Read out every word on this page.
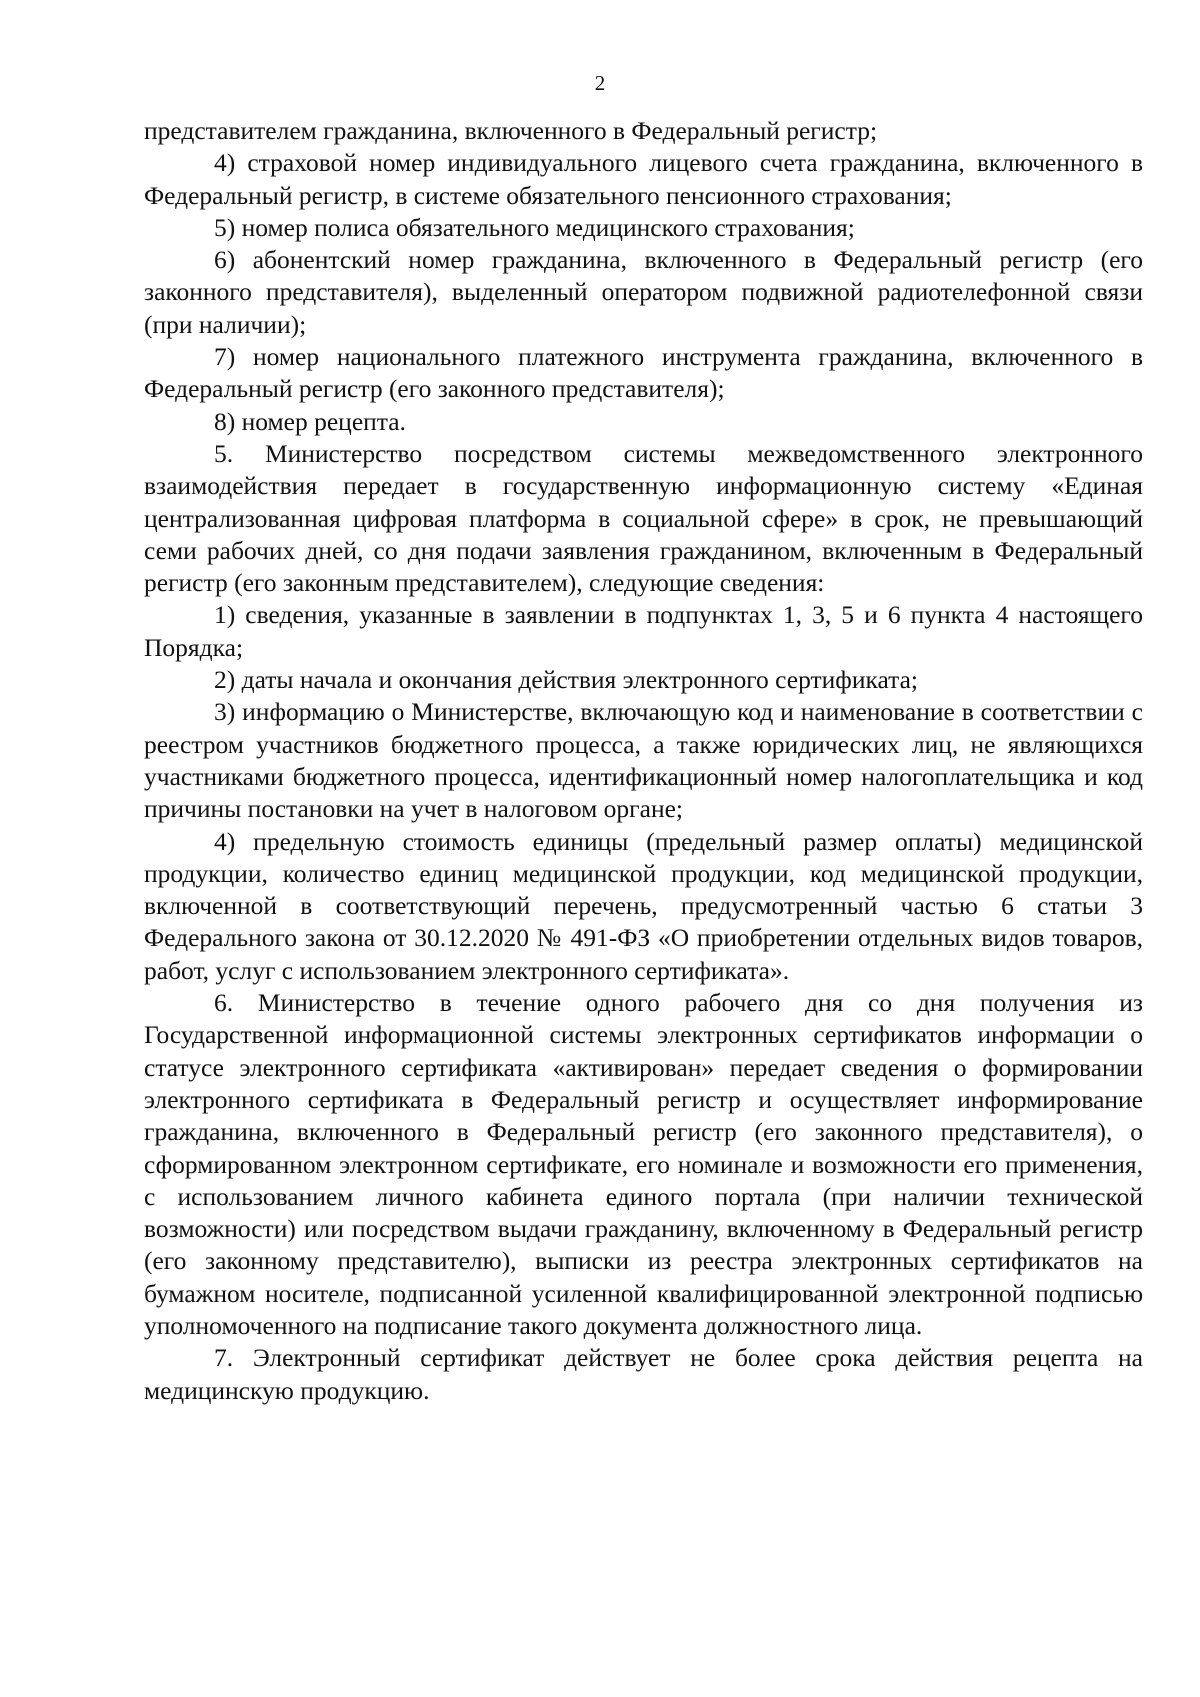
2

представителем гражданина, включенного в Федеральный регистр;

4) страховой номер индивидуального лицевого счета гражданина, включенного в Федеральный регистр, в системе обязательного пенсионного страхования;

5) номер полиса обязательного медицинского страхования;

6) абонентский номер гражданина, включенного в Федеральный регистр (его законного представителя), выделенный оператором подвижной радиотелефонной связи (при наличии);

7) номер национального платежного инструмента гражданина, включенного в Федеральный регистр (его законного представителя);

8) номер рецепта.

5. Министерство посредством системы межведомственного электронного взаимодействия передает в государственную информационную систему «Единая централизованная цифровая платформа в социальной сфере» в срок, не превышающий семи рабочих дней, со дня подачи заявления гражданином, включенным в Федеральный регистр (его законным представителем), следующие сведения:

1) сведения, указанные в заявлении в подпунктах 1, 3, 5 и 6 пункта 4 настоящего Порядка;

2) даты начала и окончания действия электронного сертификата;

3) информацию о Министерстве, включающую код и наименование в соответствии с реестром участников бюджетного процесса, а также юридических лиц, не являющихся участниками бюджетного процесса, идентификационный номер налогоплательщика и код причины постановки на учет в налоговом органе;

4) предельную стоимость единицы (предельный размер оплаты) медицинской продукции, количество единиц медицинской продукции, код медицинской продукции, включенной в соответствующий перечень, предусмотренный частью 6 статьи 3 Федерального закона от 30.12.2020 № 491-ФЗ «О приобретении отдельных видов товаров, работ, услуг с использованием электронного сертификата».

6. Министерство в течение одного рабочего дня со дня получения из Государственной информационной системы электронных сертификатов информации о статусе электронного сертификата «активирован» передает сведения о формировании электронного сертификата в Федеральный регистр и осуществляет информирование гражданина, включенного в Федеральный регистр (его законного представителя), о сформированном электронном сертификате, его номинале и возможности его применения, с использованием личного кабинета единого портала (при наличии технической возможности) или посредством выдачи гражданину, включенному в Федеральный регистр (его законному представителю), выписки из реестра электронных сертификатов на бумажном носителе, подписанной усиленной квалифицированной электронной подписью уполномоченного на подписание такого документа должностного лица.

7. Электронный сертификат действует не более срока действия рецепта на медицинскую продукцию.
